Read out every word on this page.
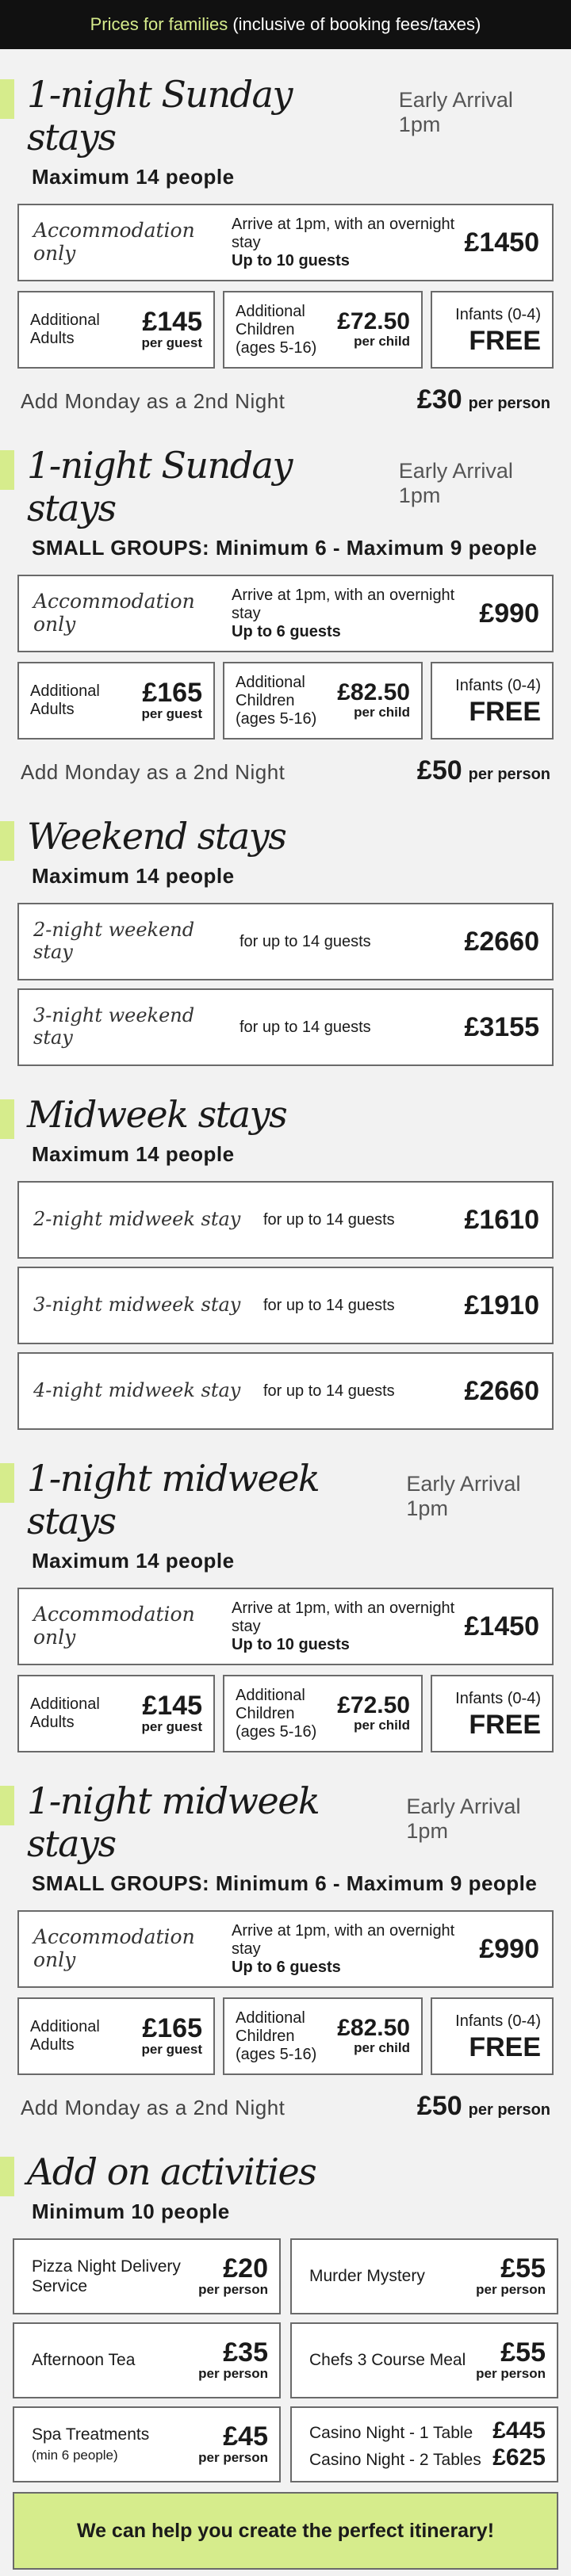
Prices for families (inclusive of booking fees/taxes)
1-night Sunday stays
Early Arrival 1pm
Maximum 14 people
Accommodation only
Arrive at 1pm, with an overnight stay
Up to 10 guests
£1450
Additional Adults
£145
per guest
Additional Children (ages 5-16)
£72.50
per child
Infants (0-4)
FREE
Add Monday as a 2nd Night	£30 per person
1-night Sunday stays
Early Arrival 1pm
SMALL GROUPS: Minimum 6 - Maximum 9 people
Accommodation only
Arrive at 1pm, with an overnight stay
Up to 6 guests
£990
Additional Adults
£165
per guest
Additional Children (ages 5-16)
£82.50
per child
Infants (0-4)
FREE
Add Monday as a 2nd Night	£50 per person
Weekend stays
Maximum 14 people
2-night weekend stay	for up to 14 guests	£2660
3-night weekend stay	for up to 14 guests	£3155
Midweek stays
Maximum 14 people
2-night midweek stay	for up to 14 guests	£1610
3-night midweek stay	for up to 14 guests	£1910
4-night midweek stay	for up to 14 guests	£2660
1-night midweek stays
Early Arrival 1pm
Maximum 14 people
Accommodation only
Arrive at 1pm, with an overnight stay
Up to 10 guests
£1450
Additional Adults
£145
per guest
Additional Children (ages 5-16)
£72.50
per child
Infants (0-4)
FREE
1-night midweek stays
Early Arrival 1pm
SMALL GROUPS: Minimum 6 - Maximum 9 people
Accommodation only
Arrive at 1pm, with an overnight stay
Up to 6 guests
£990
Additional Adults
£165
per guest
Additional Children (ages 5-16)
£82.50
per child
Infants (0-4)
FREE
Add Monday as a 2nd Night	£50 per person
Add on activities
Minimum 10 people
Pizza Night Delivery Service
£20
per person
Murder Mystery	£55
per person
Afternoon Tea	£35
per person
Chefs 3 Course Meal	£55
per person
Spa Treatments
(min 6 people)
£45
per person
Casino Night - 1 Table £445
Casino Night - 2 Tables £625
We can help you create the perfect itinerary!
